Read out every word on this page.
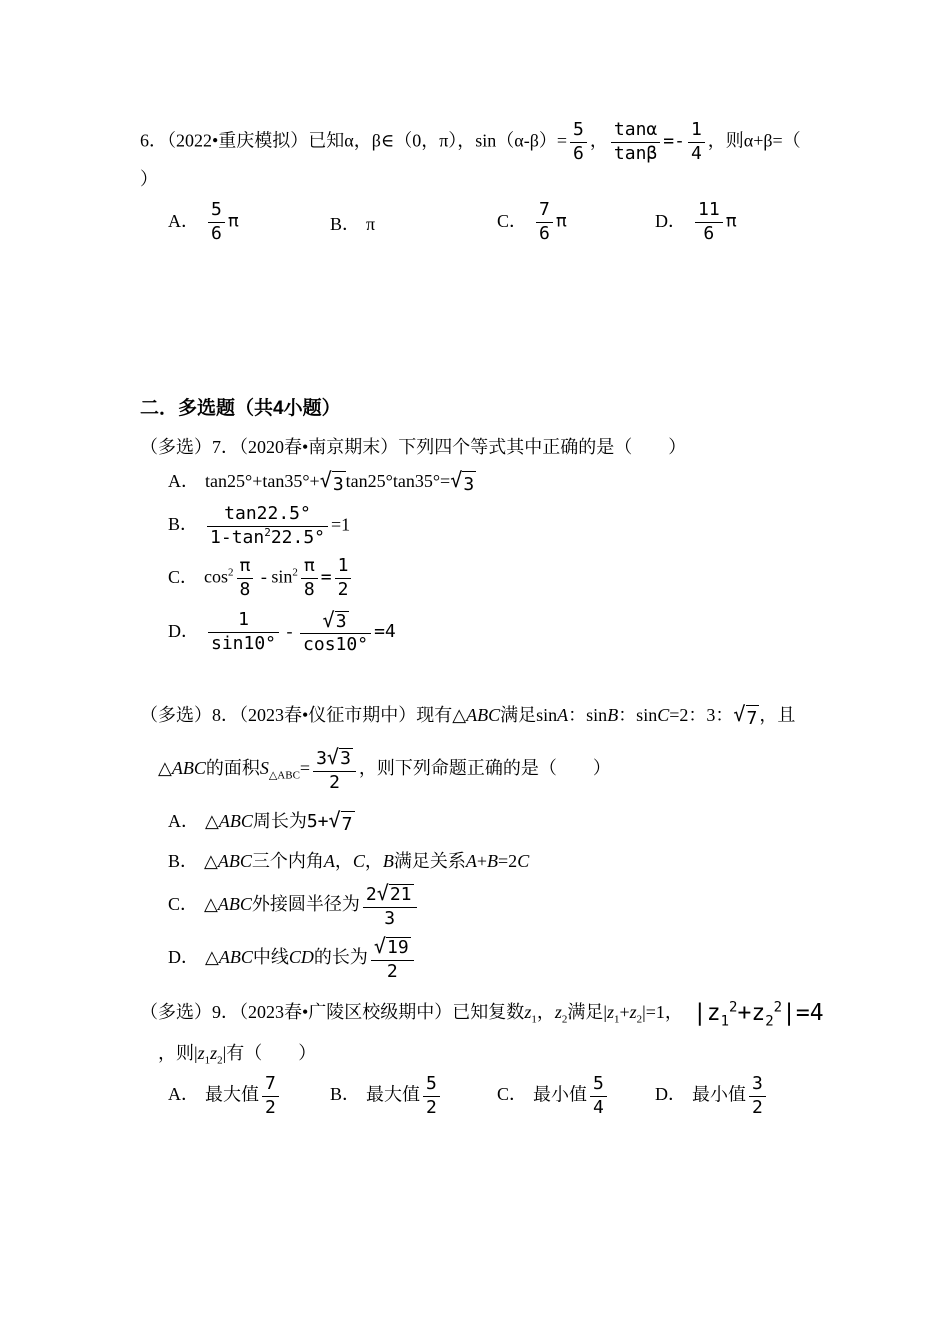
6．（2022•重庆模拟）已知α，β∈（0，π），$\sin(\alpha-\beta)= \frac{5}{6}$ ， $\frac{\tan\alpha}{\tan\beta} =- \frac{1}{4}$ ，则α+β=（
）
A． $\frac{5}{6}$ π	B． π	C． $\frac{7}{6}$ π	D． $\frac{11}{6}$ π
二．多选题（共4小题）
（多选）7．（2020春•南京期末）下列四个等式其中正确的是（　　）
A． tan25°+tan35°+ √ 3 tan25°tan35°= √ 3
B． $\frac{\tan 22.5^\circ}{1-\tan^222.5^\circ} =1$
C． $\cos^2 \frac{\pi}{8} - \sin^2 \frac{\pi}{8} = \frac{1}{2}$
D． $\frac{1}{\sin 10^\circ} - \frac{√ 3}{\cos 10^\circ} =4$
（多选）8．（2023春•仪征市期中）现有△ABC满足sinA：sinB：sinC=2：3： √ 7 ，且
△ABC的面积$S_{\triangle ABC}= \frac{3 √ 3}{2}$ ，则下列命题正确的是（　　）
A． △ABC周长为5+ √ 7
B． △ABC三个内角A，C，B满足关系A+B=2C
C． △ABC外接圆半径为 $\frac{2 √ 21}{3}$
D． △ABC中线CD的长为 $\frac{√ 19}{2}$
（多选）9．（2023春•广陵区校级期中）已知复数$z_1$，$z_2$满足$|z_1+z_2|=1$， $|z_1^2+z_2^2|=4$
，则$|z_1z_2|$有（　　）
A． 最大值 $\frac{7}{2}$	B． 最大值 $\frac{5}{2}$	C． 最小值 $\frac{5}{4}$	D． 最小值 $\frac{3}{2}$
